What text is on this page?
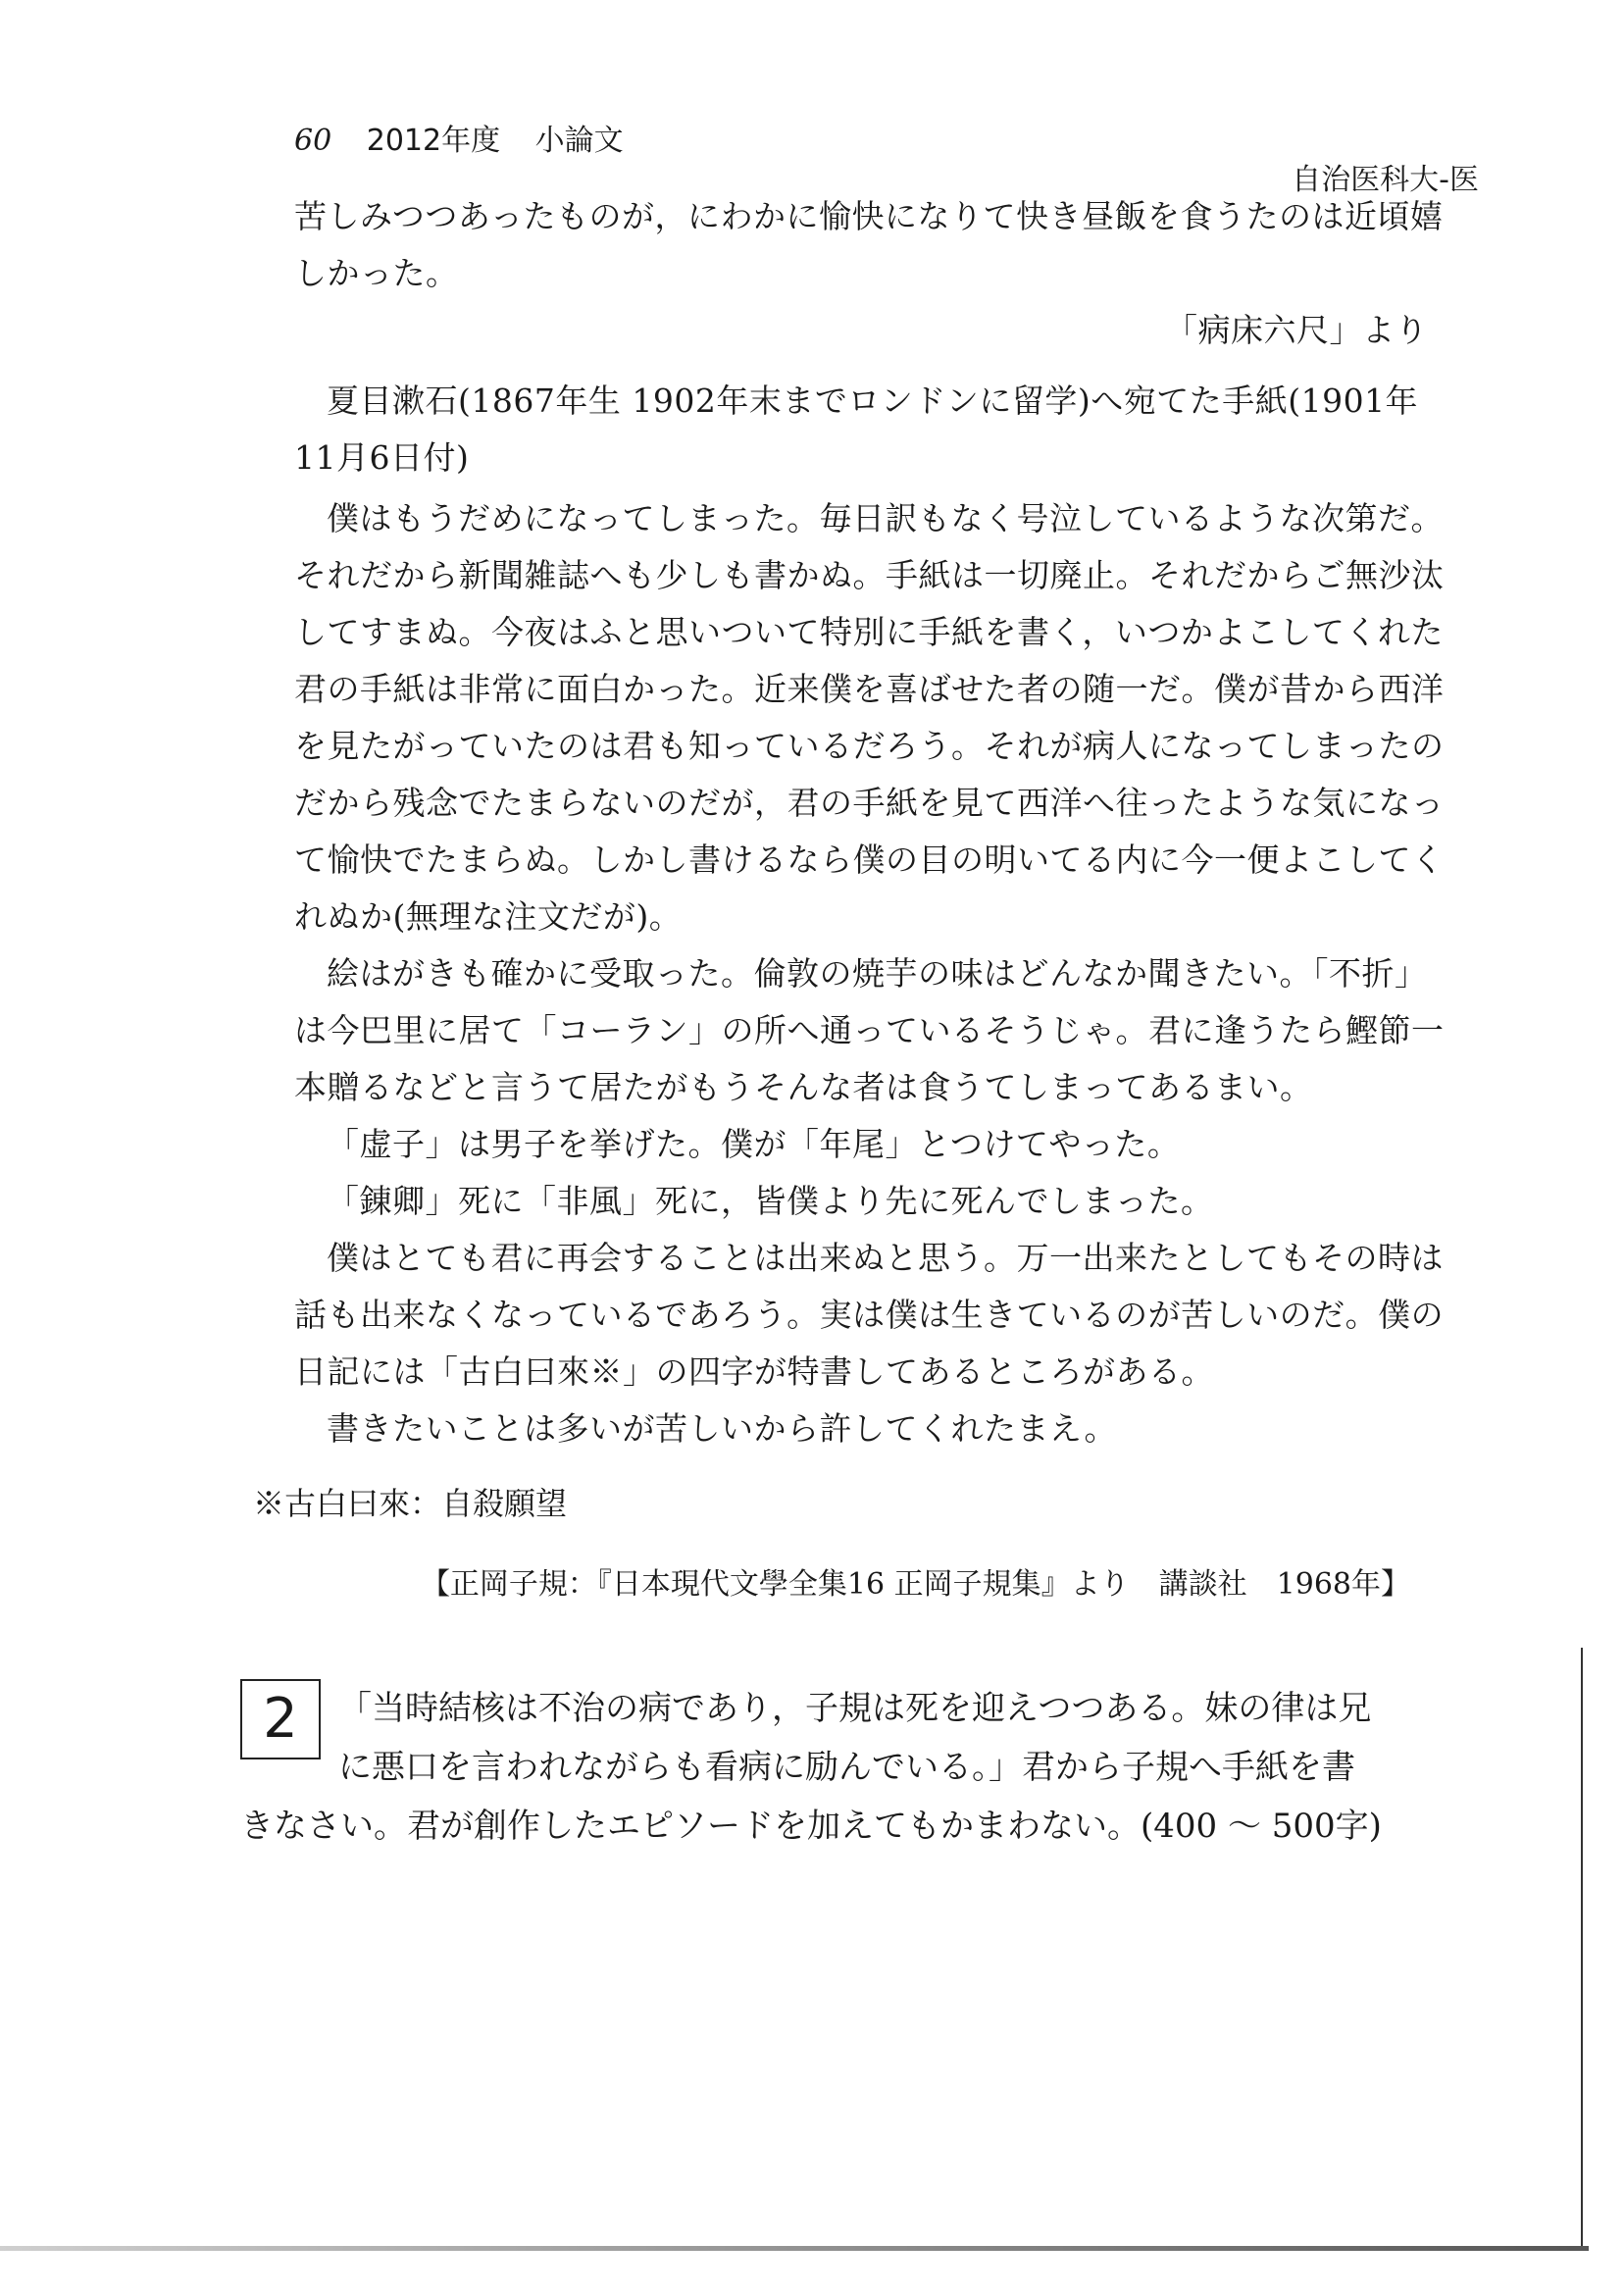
60 2012年度 小論文
自治医科大-医

苦しみつつあったものが，にわかに愉快になりて快き昼飯を食うたのは近頃嬉しかった。

「病床六尺」より

夏目漱石(1867年生 1902年末までロンドンに留学)へ宛てた手紙(1901年11月6日付)

僕はもうだめになってしまった。毎日訳もなく号泣しているような次第だ。それだから新聞雑誌へも少しも書かぬ。手紙は一切廃止。それだからご無沙汰してすまぬ。今夜はふと思いついて特別に手紙を書く，いつかよこしてくれた君の手紙は非常に面白かった。近来僕を喜ばせた者の随一だ。僕が昔から西洋を見たがっていたのは君も知っているだろう。それが病人になってしまったのだから残念でたまらないのだが，君の手紙を見て西洋へ往ったような気になって愉快でたまらぬ。しかし書けるなら僕の目の明いてる内に今一便よこしてくれぬか(無理な注文だが)。

絵はがきも確かに受取った。倫敦の焼芋の味はどんなか聞きたい。「不折」は今巴里に居て「コーラン」の所へ通っているそうじゃ。君に逢うたら鰹節一本贈るなどと言うて居たがもうそんな者は食うてしまってあるまい。

「虚子」は男子を挙げた。僕が「年尾」とつけてやった。

「錬卿」死に「非風」死に，皆僕より先に死んでしまった。

僕はとても君に再会することは出来ぬと思う。万一出来たとしてもその時は話も出来なくなっているであろう。実は僕は生きているのが苦しいのだ。僕の日記には「古白曰來※」の四字が特書してあるところがある。

書きたいことは多いが苦しいから許してくれたまえ。

※古白曰來：自殺願望
【正岡子規：『日本現代文學全集16 正岡子規集』より　講談社　1968年】
「当時結核は不治の病であり，子規は死を迎えつつある。妹の律は兄
に悪口を言われながらも看病に励んでいる。」君から子規へ手紙を書
きなさい。君が創作したエピソードを加えてもかまわない。(400 ～ 500字)
2
